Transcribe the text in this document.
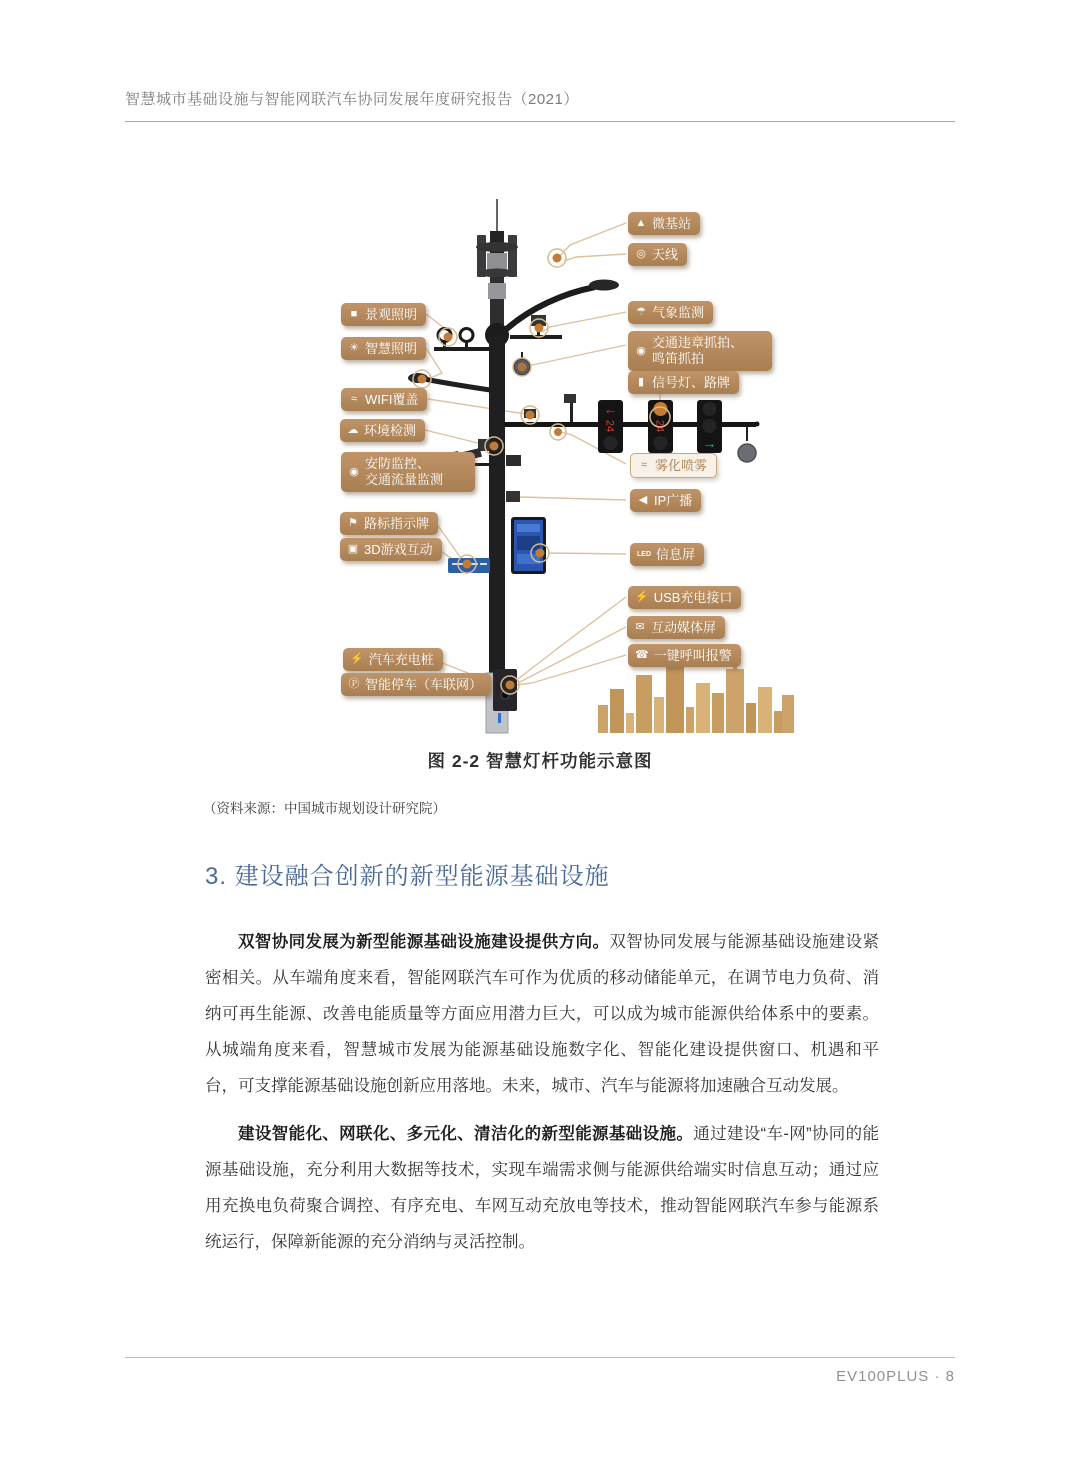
智慧城市基础设施与智能网联汽车协同发展年度研究报告（2021）
←
24	24
→
■ 景观照明
☀ 智慧照明
≈ WIFI覆盖
☁ 环境检测
◉
安防监控、
交通流量监测
⚑ 路标指示牌
▣ 3D游戏互动
⚡ 汽车充电桩
Ⓟ 智能停车（车联网）
▲ 微基站
◎ 天线
☂ 气象监测
◉
交通违章抓拍、
鸣笛抓拍
▮ 信号灯、路牌
≈ 雾化喷雾
◀ IP广播
LED 信息屏
⚡ USB充电接口
✉ 互动媒体屏
☎ 一键呼叫报警
图 2-2 智慧灯杆功能示意图
（资料来源：中国城市规划设计研究院）
3. 建设融合创新的新型能源基础设施

双智协同发展为新型能源基础设施建设提供方向。双智协同发展与能源基础设施建设紧密相关。从车端角度来看，智能网联汽车可作为优质的移动储能单元，在调节电力负荷、消纳可再生能源、改善电能质量等方面应用潜力巨大，可以成为城市能源供给体系中的要素。从城端角度来看，智慧城市发展为能源基础设施数字化、智能化建设提供窗口、机遇和平台，可支撑能源基础设施创新应用落地。未来，城市、汽车与能源将加速融合互动发展。

建设智能化、网联化、多元化、清洁化的新型能源基础设施。通过建设“车-网”协同的能源基础设施，充分利用大数据等技术，实现车端需求侧与能源供给端实时信息互动；通过应用充换电负荷聚合调控、有序充电、车网互动充放电等技术，推动智能网联汽车参与能源系统运行，保障新能源的充分消纳与灵活控制。

EV100PLUS · 8
